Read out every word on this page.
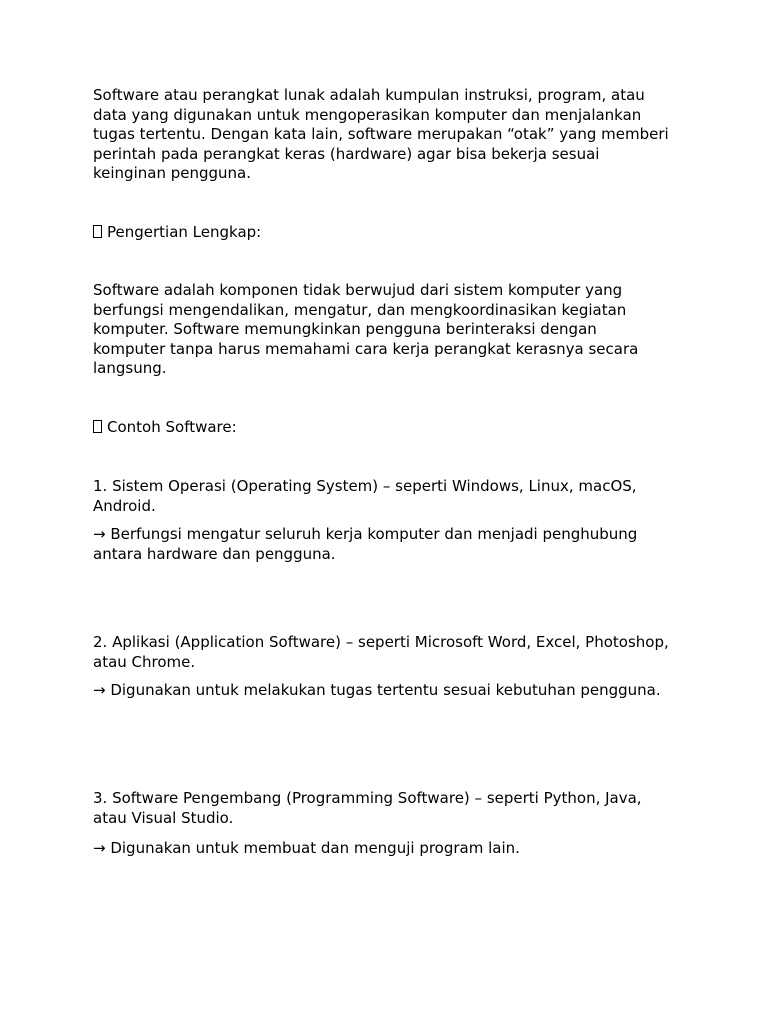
Software atau perangkat lunak adalah kumpulan instruksi, program, atau data yang digunakan untuk mengoperasikan komputer dan menjalankan tugas tertentu. Dengan kata lain, software merupakan “otak” yang memberi perintah pada perangkat keras (hardware) agar bisa bekerja sesuai keinginan pengguna.

Pengertian Lengkap:

Software adalah komponen tidak berwujud dari sistem komputer yang berfungsi mengendalikan, mengatur, dan mengkoordinasikan kegiatan komputer. Software memungkinkan pengguna berinteraksi dengan komputer tanpa harus memahami cara kerja perangkat kerasnya secara langsung.

Contoh Software:

1. Sistem Operasi (Operating System) – seperti Windows, Linux, macOS, Android.

→ Berfungsi mengatur seluruh kerja komputer dan menjadi penghubung antara hardware dan pengguna.

2. Aplikasi (Application Software) – seperti Microsoft Word, Excel, Photoshop, atau Chrome.

→ Digunakan untuk melakukan tugas tertentu sesuai kebutuhan pengguna.

3. Software Pengembang (Programming Software) – seperti Python, Java, atau Visual Studio.

→ Digunakan untuk membuat dan menguji program lain.
